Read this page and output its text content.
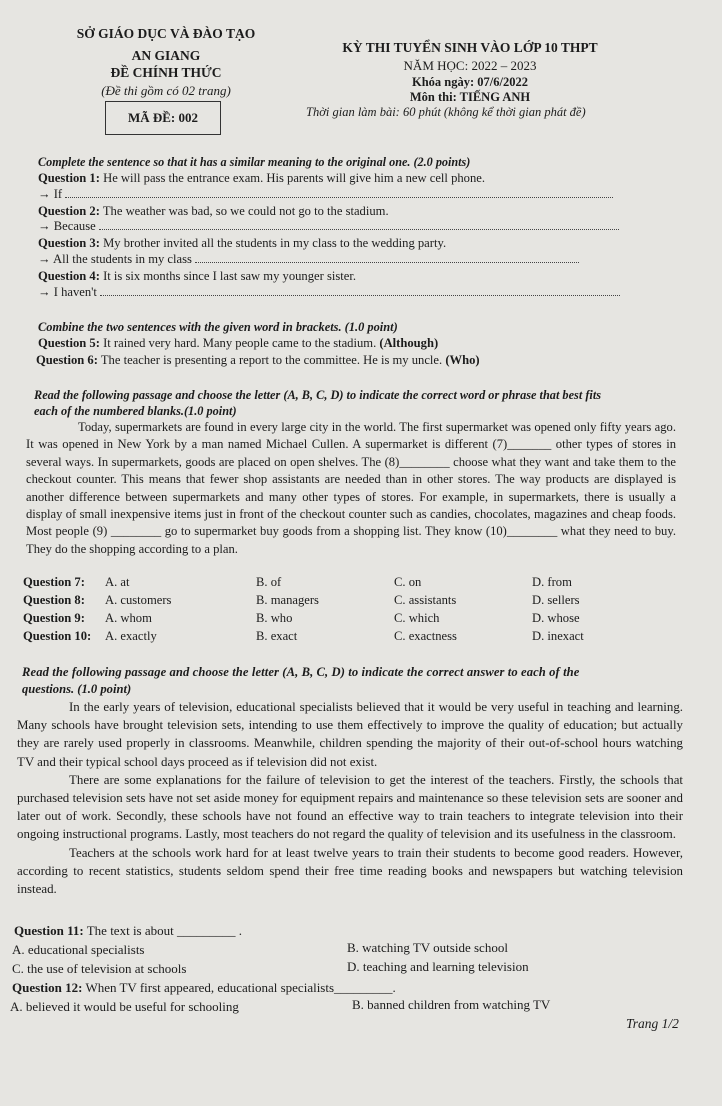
SỞ GIÁO DỤC VÀ ĐÀO TẠO
AN GIANG
ĐỀ CHÍNH THỨC
(Đề thi gồm có 02 trang)
MÃ ĐỀ: 002
KỲ THI TUYỂN SINH VÀO LỚP 10 THPT
NĂM HỌC: 2022 – 2023
Khóa ngày: 07/6/2022
Môn thi: TIẾNG ANH
Thời gian làm bài: 60 phút (không kể thời gian phát đề)
Complete the sentence so that it has a similar meaning to the original one. (2.0 points)
Question 1: He will pass the entrance exam. His parents will give him a new cell phone.
→ If
Question 2: The weather was bad, so we could not go to the stadium.
→ Because
Question 3: My brother invited all the students in my class to the wedding party.
→ All the students in my class
Question 4: It is six months since I last saw my younger sister.
→ I haven't
Combine the two sentences with the given word in brackets. (1.0 point)
Question 5: It rained very hard. Many people came to the stadium. (Although)
Question 6: The teacher is presenting a report to the committee. He is my uncle. (Who)
Read the following passage and choose the letter (A, B, C, D) to indicate the correct word or phrase that best fits
each of the numbered blanks.(1.0 point)

Today, supermarkets are found in every large city in the world. The first supermarket was opened only fifty years ago. It was opened in New York by a man named Michael Cullen. A supermarket is different (7)_______ other types of stores in several ways. In supermarkets, goods are placed on open shelves. The (8)________ choose what they want and take them to the checkout counter. This means that fewer shop assistants are needed than in other stores. The way products are displayed is another difference between supermarkets and many other types of stores. For example, in supermarkets, there is usually a display of small inexpensive items just in front of the checkout counter such as candies, chocolates, magazines and cheap foods. Most people (9) ________ go to supermarket buy goods from a shopping list. They know (10)________ what they need to buy. They do the shopping according to a plan.

Question 7: A. at	B. of	C. on	D. from
Question 8: A. customers	B. managers	C. assistants	D. sellers
Question 9: A. whom	B. who	C. which	D. whose
Question 10: A. exactly	B. exact	C. exactness	D. inexact
Read the following passage and choose the letter (A, B, C, D) to indicate the correct answer to each of the
questions. (1.0 point)

In the early years of television, educational specialists believed that it would be very useful in teaching and learning. Many schools have brought television sets, intending to use them effectively to improve the quality of education; but actually they are rarely used properly in classrooms. Meanwhile, children spending the majority of their out-of-school hours watching TV and their typical school days proceed as if television did not exist.

There are some explanations for the failure of television to get the interest of the teachers. Firstly, the schools that purchased television sets have not set aside money for equipment repairs and maintenance so these television sets are sooner and later out of work. Secondly, these schools have not found an effective way to train teachers to integrate television into their ongoing instructional programs. Lastly, most teachers do not regard the quality of television and its usefulness in the classroom.

Teachers at the schools work hard for at least twelve years to train their students to become good readers. However, according to recent statistics, students seldom spend their free time reading books and newspapers but watching television instead.

Question 11: The text is about _________ .
A. educational specialists	B. watching TV outside school
C. the use of television at schools	D. teaching and learning television
Question 12: When TV first appeared, educational specialists_________.
A. believed it would be useful for schooling	B. banned children from watching TV
Trang 1/2
